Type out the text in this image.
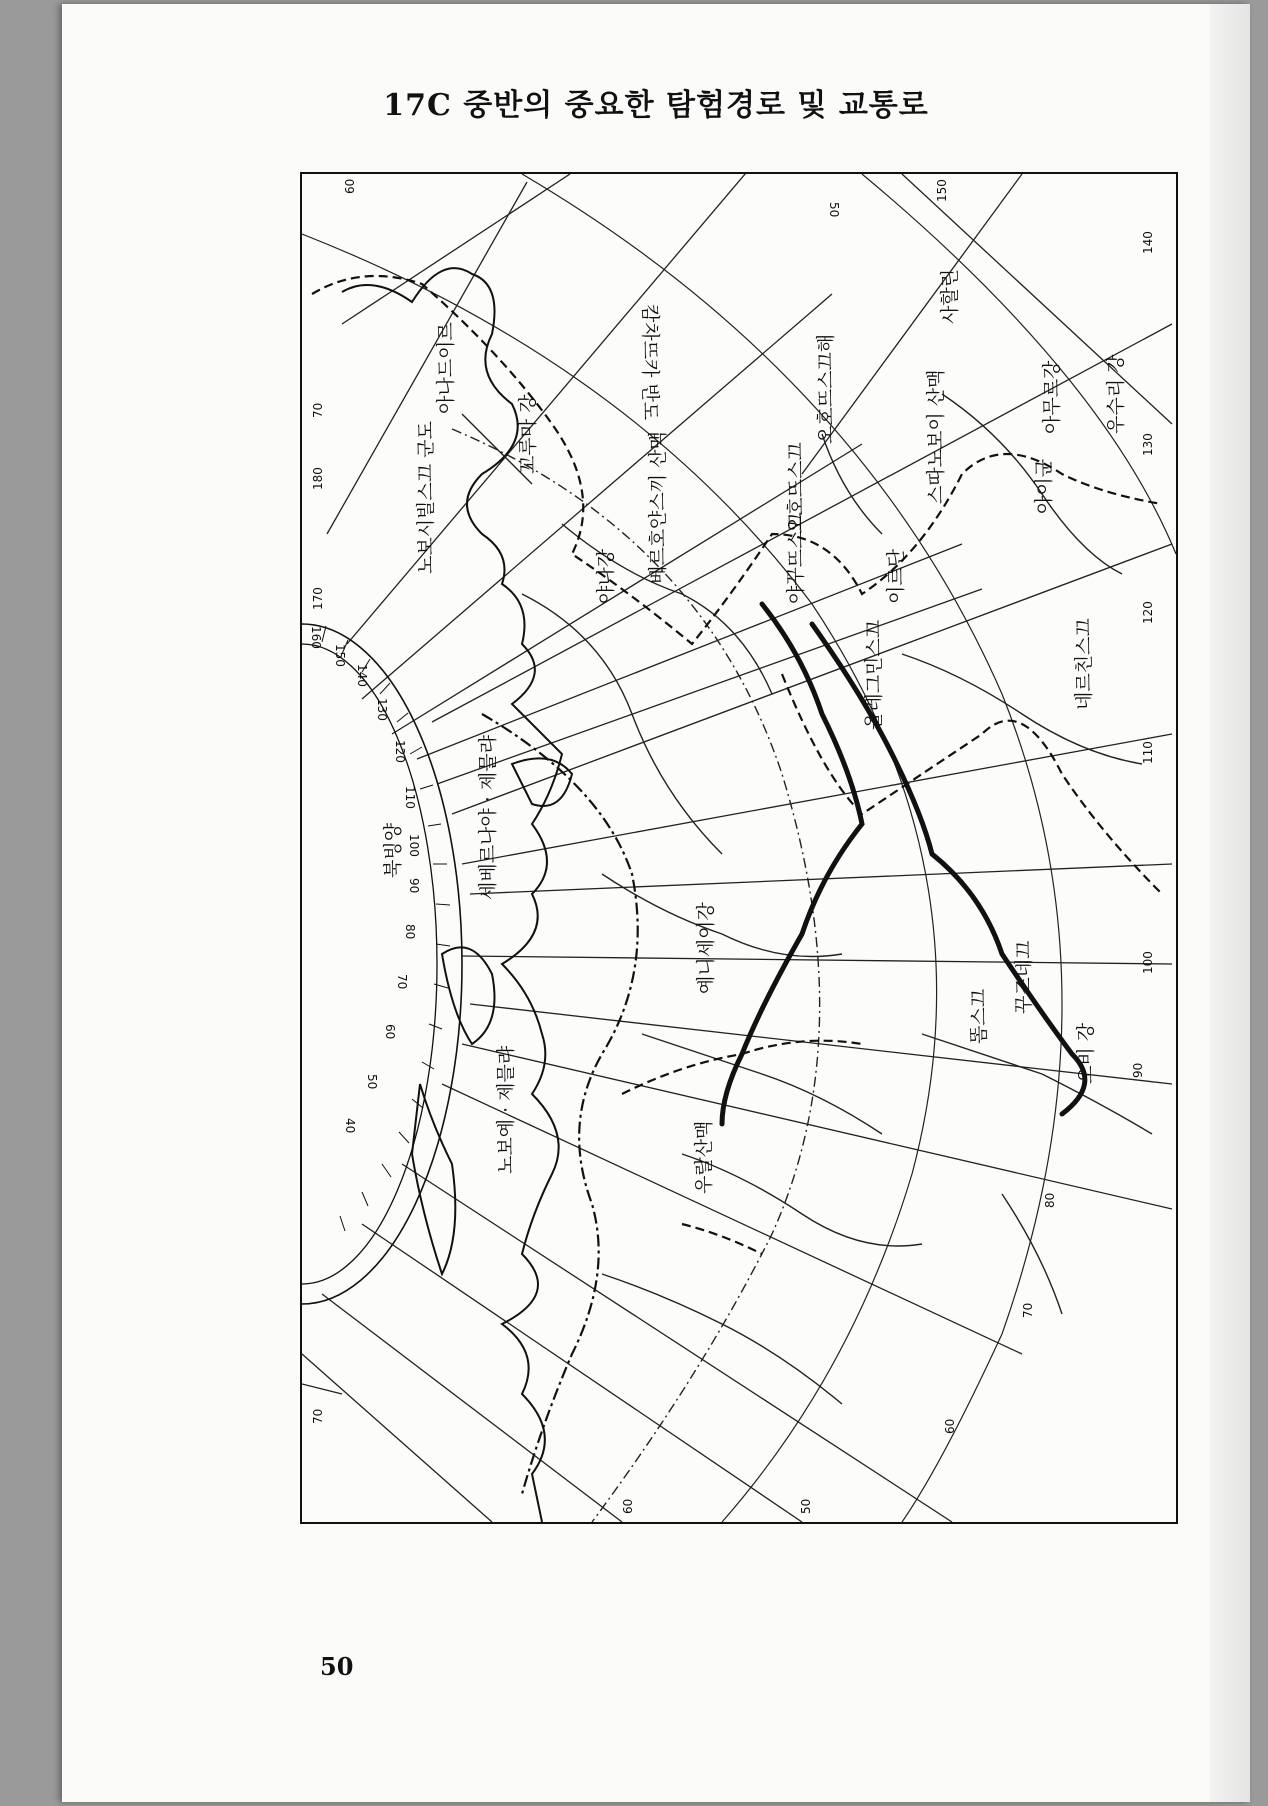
17C 중반의 중요한 탐험경로 및 교통로
아나드이르	캄차뜨카 반도	오호뜨스끄해
사할린
아무르강 우수리 강
꼬루마 강
오호뜨스끄	스따노보이 산맥	아이군
노보시빌스끄 군도
야나강 베르호얀스끼 산맥	야꾸뜨스끄	이르단
올레그민스끄	네르친스끄
북빙양	세베르나야 · 제믈랴
예니세이강
노보예 · 제믈랴	우랄산맥
똠스끄
꾸즈네끄
오비 강
160
150
140
130
120
110
100
90
80
70
60
50
40
60
50
150
140
70
180
170
70
130
120
110
100
90
80
70
60
60	50
50
